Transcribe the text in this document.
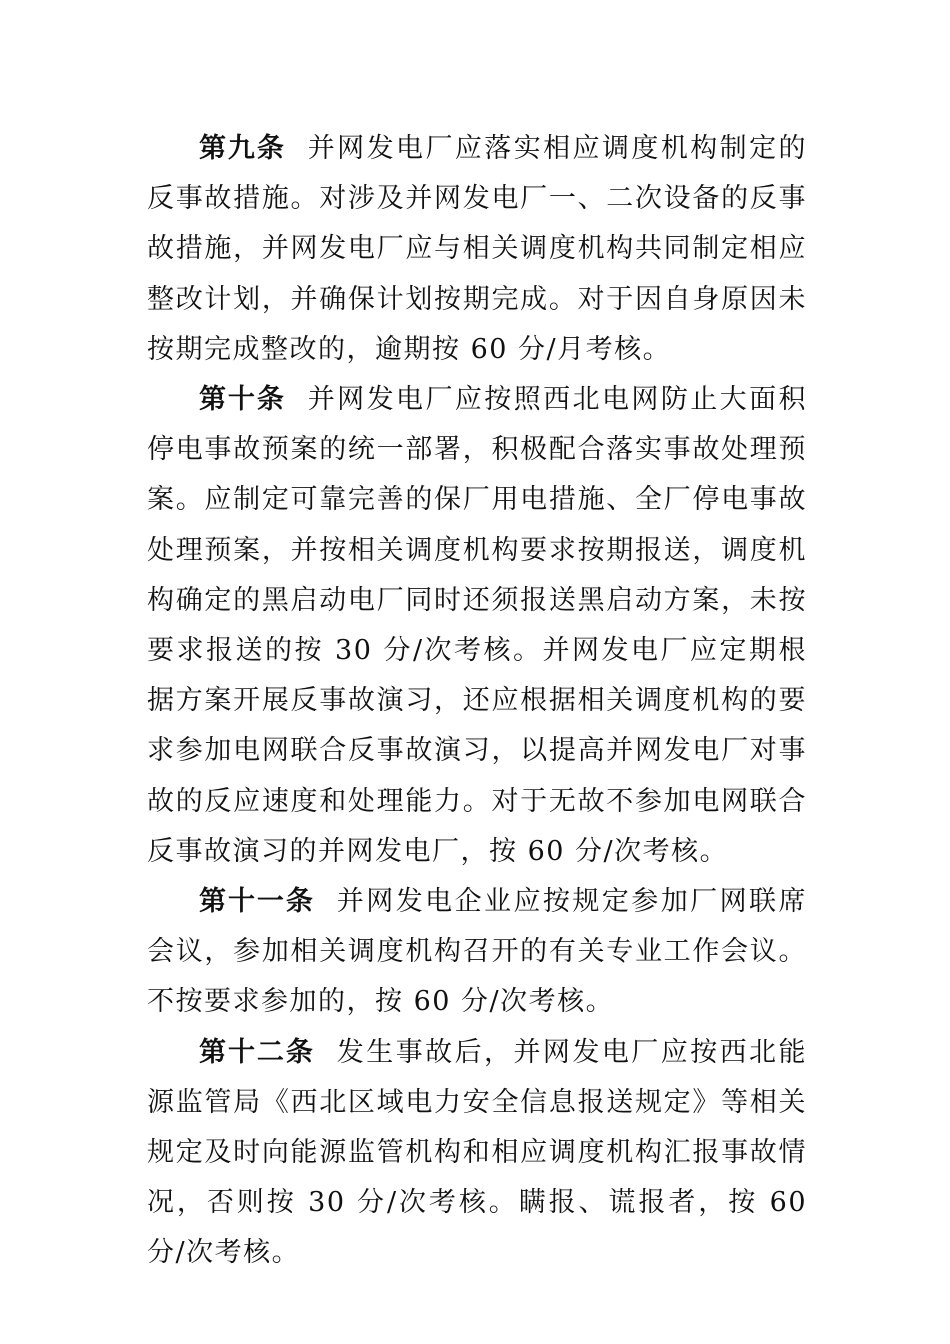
第九条 并网发电厂应落实相应调度机构制定的反事故措施。对涉及并网发电厂一、二次设备的反事故措施，并网发电厂应与相关调度机构共同制定相应整改计划，并确保计划按期完成。对于因自身原因未按期完成整改的，逾期按 60 分/月考核。

第十条 并网发电厂应按照西北电网防止大面积停电事故预案的统一部署，积极配合落实事故处理预案。应制定可靠完善的保厂用电措施、全厂停电事故处理预案，并按相关调度机构要求按期报送，调度机构确定的黑启动电厂同时还须报送黑启动方案，未按要求报送的按 30 分/次考核。并网发电厂应定期根据方案开展反事故演习，还应根据相关调度机构的要求参加电网联合反事故演习，以提高并网发电厂对事故的反应速度和处理能力。对于无故不参加电网联合反事故演习的并网发电厂，按 60 分/次考核。

第十一条 并网发电企业应按规定参加厂网联席会议，参加相关调度机构召开的有关专业工作会议。不按要求参加的，按 60 分/次考核。

第十二条 发生事故后，并网发电厂应按西北能源监管局《西北区域电力安全信息报送规定》等相关规定及时向能源监管机构和相应调度机构汇报事故情况，否则按 30 分/次考核。瞒报、谎报者，按 60 分/次考核。
